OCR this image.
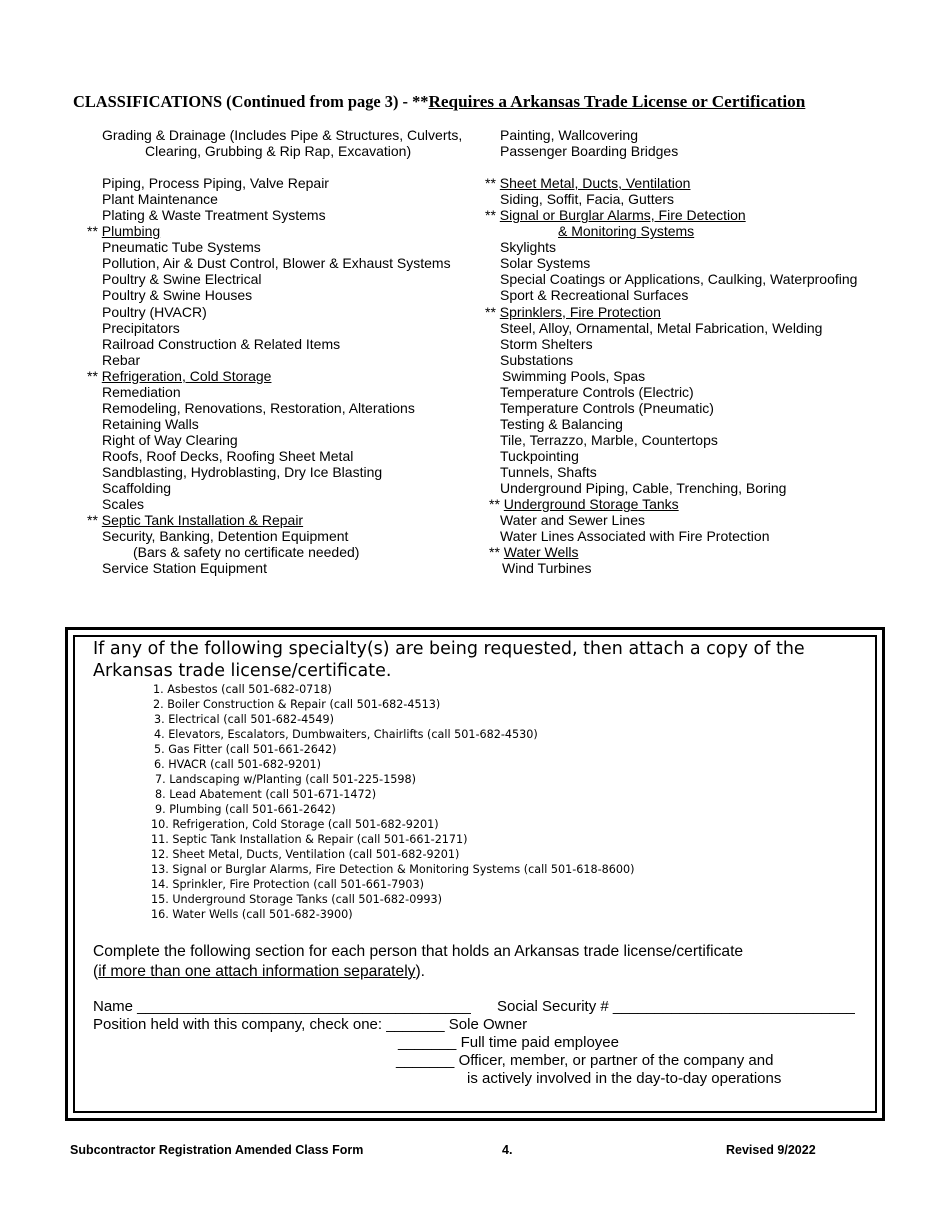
CLASSIFICATIONS (Continued from page 3) - **Requires a Arkansas Trade License or Certification
Grading & Drainage (Includes Pipe & Structures, Culverts,
Clearing, Grubbing & Rip Rap, Excavation)
Piping, Process Piping, Valve Repair
Plant Maintenance
Plating & Waste Treatment Systems
** Plumbing
Pneumatic Tube Systems
Pollution, Air & Dust Control, Blower & Exhaust Systems
Poultry & Swine Electrical
Poultry & Swine Houses
Poultry (HVACR)
Precipitators
Railroad Construction & Related Items
Rebar
** Refrigeration, Cold Storage
Remediation
Remodeling, Renovations, Restoration, Alterations
Retaining Walls
Right of Way Clearing
Roofs, Roof Decks, Roofing Sheet Metal
Sandblasting, Hydroblasting, Dry Ice Blasting
Scaffolding
Scales
** Septic Tank Installation & Repair
Security, Banking, Detention Equipment
(Bars & safety no certificate needed)
Service Station Equipment
Painting, Wallcovering
Passenger Boarding Bridges
** Sheet Metal, Ducts, Ventilation
Siding, Soffit, Facia, Gutters
** Signal or Burglar Alarms, Fire Detection
& Monitoring Systems
Skylights
Solar Systems
Special Coatings or Applications, Caulking, Waterproofing
Sport & Recreational Surfaces
** Sprinklers, Fire Protection
Steel, Alloy, Ornamental, Metal Fabrication, Welding
Storm Shelters
Substations
Swimming Pools, Spas
Temperature Controls (Electric)
Temperature Controls (Pneumatic)
Testing & Balancing
Tile, Terrazzo, Marble, Countertops
Tuckpointing
Tunnels, Shafts
Underground Piping, Cable, Trenching, Boring
** Underground Storage Tanks
Water and Sewer Lines
Water Lines Associated with Fire Protection
** Water Wells
Wind Turbines
If any of the following specialty(s) are being requested, then attach a copy of the Arkansas trade license/certificate.
1. Asbestos (call 501-682-0718)
2. Boiler Construction & Repair (call 501-682-4513)
3. Electrical (call 501-682-4549)
4. Elevators, Escalators, Dumbwaiters, Chairlifts (call 501-682-4530)
5. Gas Fitter (call 501-661-2642)
6. HVACR (call 501-682-9201)
7. Landscaping w/Planting (call 501-225-1598)
8. Lead Abatement (call 501-671-1472)
9. Plumbing (call 501-661-2642)
10. Refrigeration, Cold Storage (call 501-682-9201)
11. Septic Tank Installation & Repair (call 501-661-2171)
12. Sheet Metal, Ducts, Ventilation (call 501-682-9201)
13. Signal or Burglar Alarms, Fire Detection & Monitoring Systems (call 501-618-8600)
14. Sprinkler, Fire Protection (call 501-661-7903)
15. Underground Storage Tanks (call 501-682-0993)
16. Water Wells (call 501-682-3900)
Complete the following section for each person that holds an Arkansas trade license/certificate
(if more than one attach information separately).
Name ________________________________________ Social Security # _____________________________
Position held with this company, check one: _______ Sole Owner
_______ Full time paid employee
_______ Officer, member, or partner of the company and
is actively involved in the day-to-day operations
Subcontractor Registration Amended Class Form	4.	Revised 9/2022
